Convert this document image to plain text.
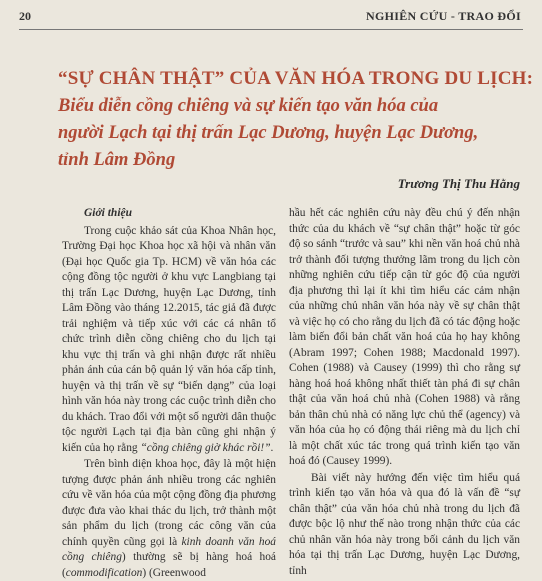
20	NGHIÊN CỨU - TRAO ĐỔI
“SỰ CHÂN THẬT” CỦA VĂN HÓA TRONG DU LỊCH:
Biểu diễn cồng chiêng và sự kiến tạo văn hóa của
người Lạch tại thị trấn Lạc Dương, huyện Lạc Dương,
tỉnh Lâm Đồng
Trương Thị Thu Hằng
Giới thiệu

Trong cuộc khảo sát của Khoa Nhân học, Trường Đại học Khoa học xã hội và nhân văn (Đại học Quốc gia Tp. HCM) về văn hóa các cộng đồng tộc người ở khu vực Langbiang tại thị trấn Lạc Dương, huyện Lạc Dương, tỉnh Lâm Đồng vào tháng 12.2015, tác giả đã được trải nghiệm và tiếp xúc với các cá nhân tổ chức trình diễn cồng chiêng cho du lịch tại khu vực thị trấn và ghi nhận được rất nhiều phản ánh của cán bộ quản lý văn hóa cấp tỉnh, huyện và thị trấn về sự “biến dạng” của loại hình văn hóa này trong các cuộc trình diễn cho du khách. Trao đổi với một số người dân thuộc tộc người Lạch tại địa bàn cũng ghi nhận ý kiến của họ rằng “cồng chiêng giờ khác rồi!”.

Trên bình diện khoa học, đây là một hiện tượng được phản ánh nhiều trong các nghiên cứu về văn hóa của một cộng đồng địa phương được đưa vào khai thác du lịch, trở thành một sản phẩm du lịch (trong các công văn của chính quyền cũng gọi là kinh doanh văn hoá cồng chiêng) thường sẽ bị hàng hoá hoá (commodification) (Greenwood

hầu hết các nghiên cứu này đều chú ý đến nhận thức của du khách về “sự chân thật” hoặc từ góc độ so sánh “trước và sau” khi nền văn hoá chủ nhà trở thành đối tượng thưởng lãm trong du lịch còn những nghiên cứu tiếp cận từ góc độ của người địa phương thì lại ít khi tìm hiểu các cảm nhận của những chủ nhân văn hóa này về sự chân thật và việc họ có cho rằng du lịch đã có tác động hoặc làm biến đổi bản chất văn hoá của họ hay không (Abram 1997; Cohen 1988; Macdonald 1997). Cohen (1988) và Causey (1999) thì cho rằng sự hàng hoá hoá không nhất thiết tàn phá đi sự chân thật của văn hoá chủ nhà (Cohen 1988) và rằng bản thân chủ nhà có năng lực chủ thể (agency) và văn hóa của họ có động thái riêng mà du lịch chỉ là một chất xúc tác trong quá trình kiến tạo văn hoá đó (Causey 1999).

Bài viết này hướng đến việc tìm hiểu quá trình kiến tạo văn hóa và qua đó là vấn đề “sự chân thật” của văn hóa chủ nhà trong du lịch đã được bộc lộ như thế nào trong nhận thức của các chủ nhân văn hóa này trong bối cảnh du lịch văn hóa tại thị trấn Lạc Dương, huyện Lạc Dương, tỉnh
